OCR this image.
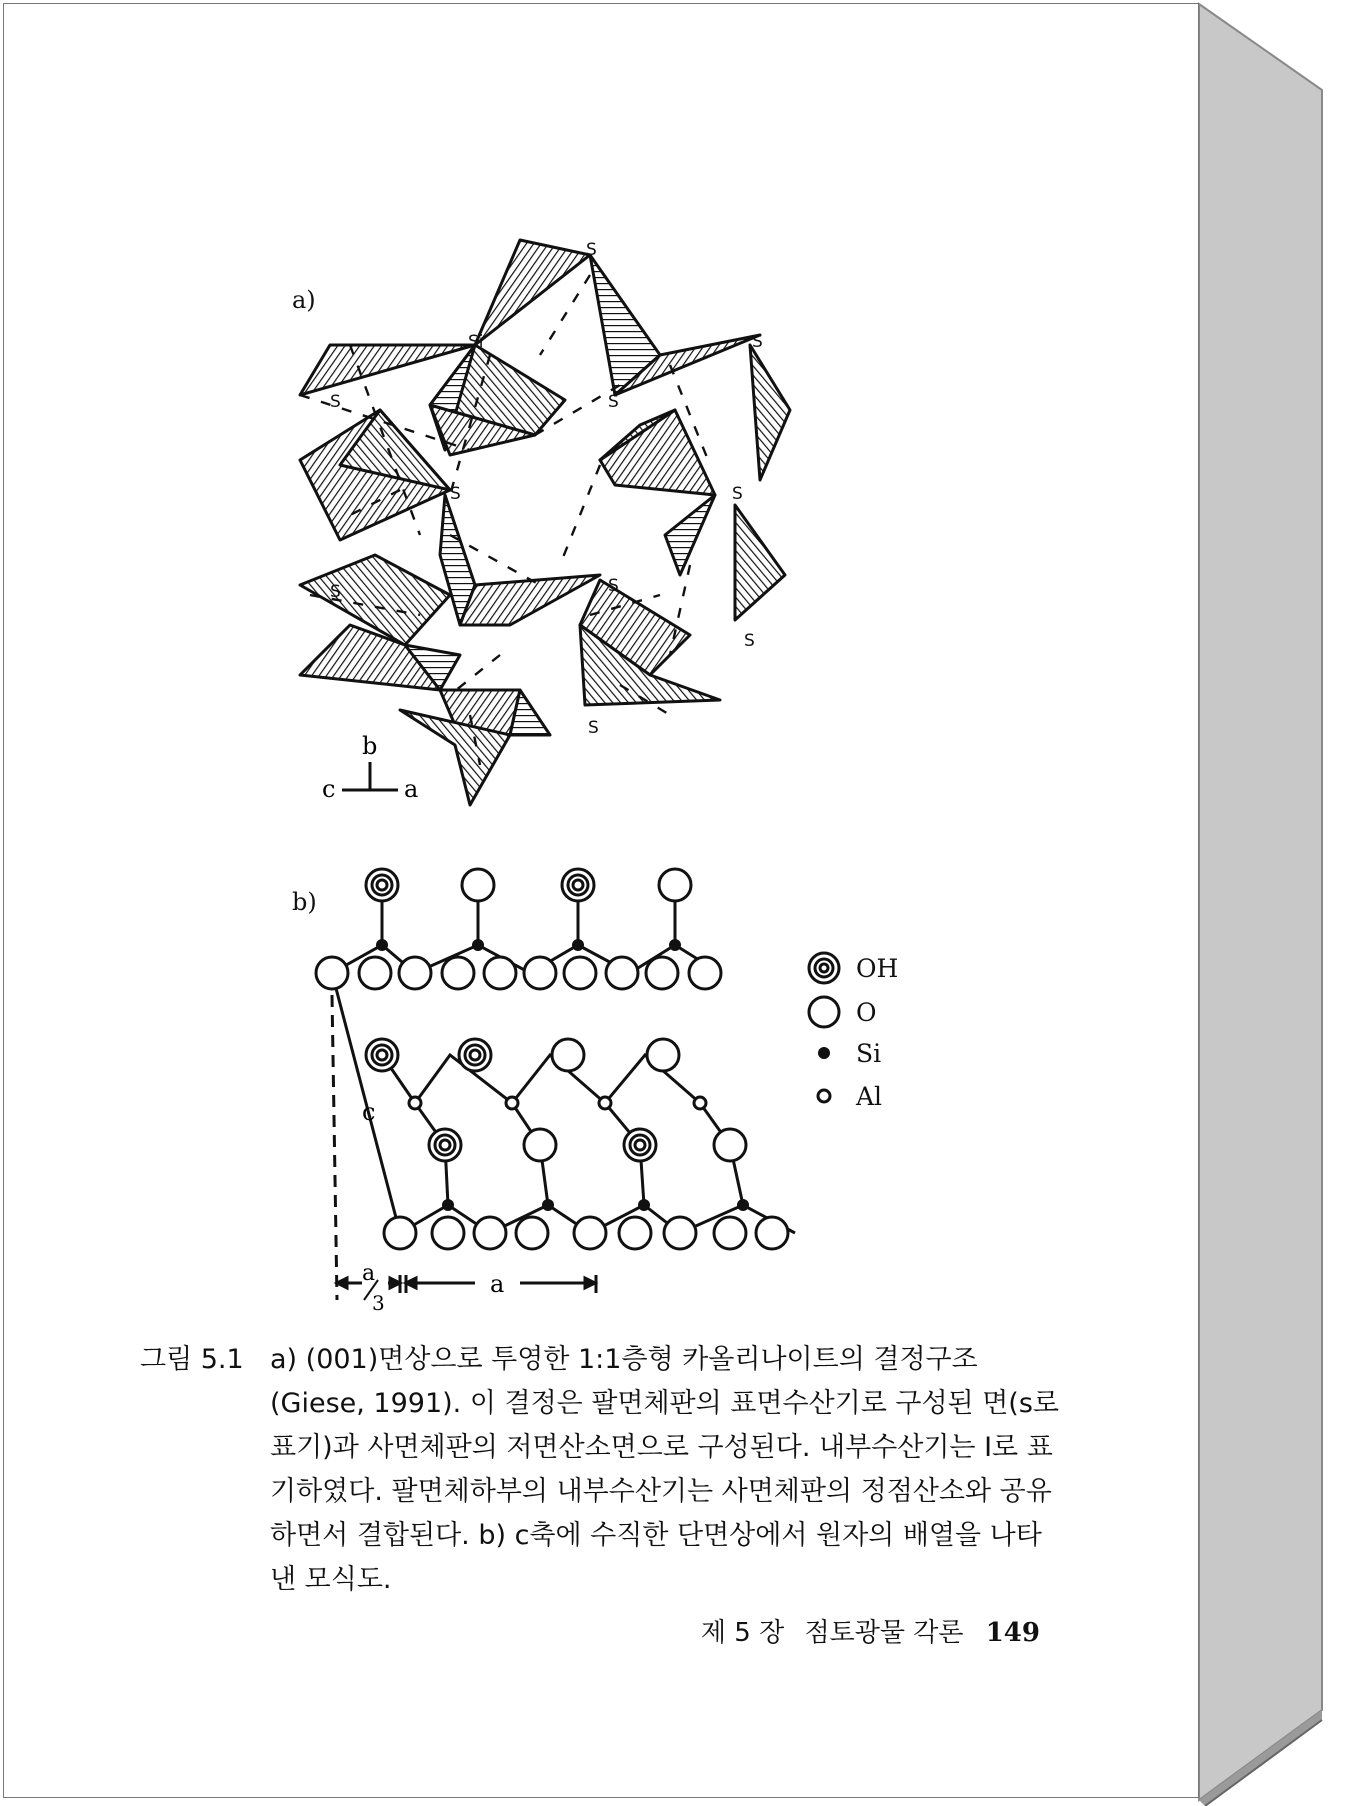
a)
S
Si	S
S	S
S	S
S	S
S
S
b
c	a
b)
c
a
3
a
OH
O
Si
Al
그림 5.1 a) (001)면상으로 투영한 1:1층형 카올리나이트의 결정구조 (Giese, 1991). 이 결정은 팔면체판의 표면수산기로 구성된 면(s로 표기)과 사면체판의 저면산소면으로 구성된다. 내부수산기는 I로 표기하였다. 팔면체하부의 내부수산기는 사면체판의 정점산소와 공유하면서 결합된다. b) c축에 수직한 단면상에서 원자의 배열을 나타낸 모식도.
제 5 장 점토광물 각론 149
